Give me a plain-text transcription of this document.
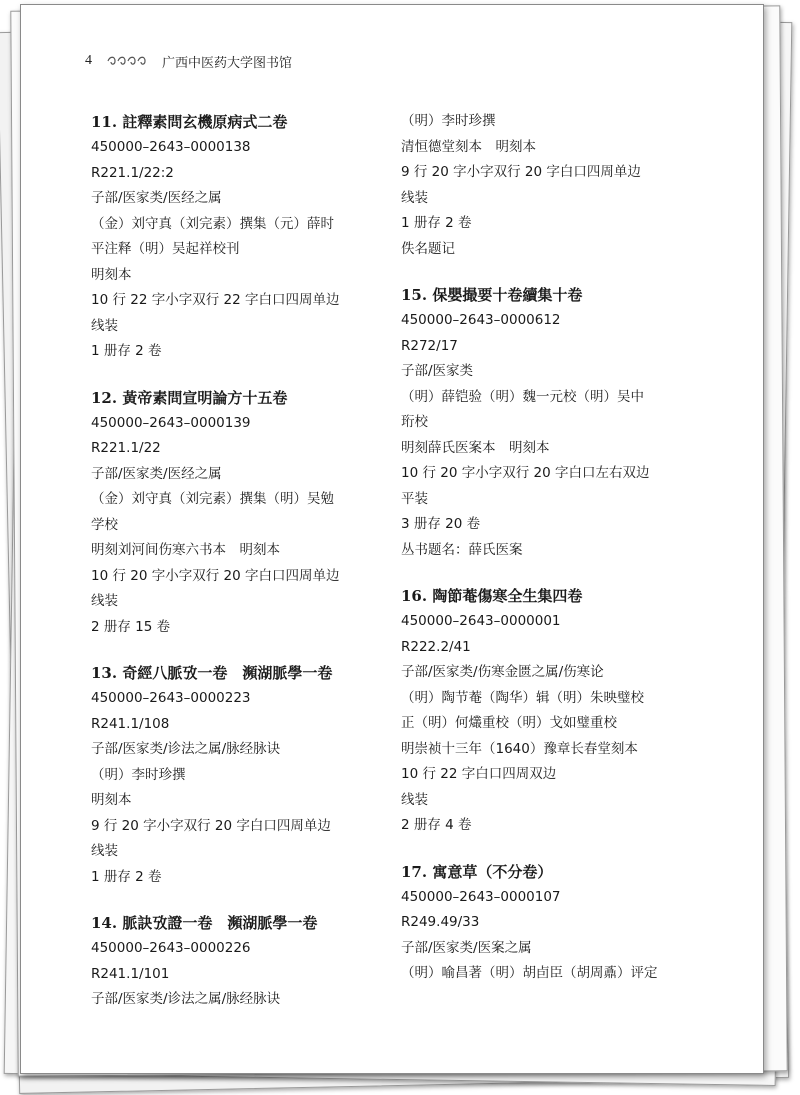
4	广西中医药大学图书馆
11. 註釋素問玄機原病式二卷
450000–2643–0000138
R221.1/22:2
子部/医家类/医经之属
（金）刘守真（刘完素）撰集（元）薛时
平注释（明）吴起祥校刊
明刻本
10 行 22 字小字双行 22 字白口四周单边
线装
1 册存 2 卷
12. 黃帝素問宣明論方十五卷
450000–2643–0000139
R221.1/22
子部/医家类/医经之属
（金）刘守真（刘完素）撰集（明）吴勉
学校
明刻刘河间伤寒六书本　明刻本
10 行 20 字小字双行 20 字白口四周单边
线装
2 册存 15 卷
13. 奇經八脈攷一卷　瀕湖脈學一卷
450000–2643–0000223
R241.1/108
子部/医家类/诊法之属/脉经脉诀
（明）李时珍撰
明刻本
9 行 20 字小字双行 20 字白口四周单边
线装
1 册存 2 卷
14. 脈訣攷證一卷　瀕湖脈學一卷
450000–2643–0000226
R241.1/101
子部/医家类/诊法之属/脉经脉诀
（明）李时珍撰
清恒德堂刻本　明刻本
9 行 20 字小字双行 20 字白口四周单边
线装
1 册存 2 卷
佚名题记
15. 保嬰撮要十卷續集十卷
450000–2643–0000612
R272/17
子部/医家类
（明）薛铠验（明）魏一元校（明）吴中
珩校
明刻薛氏医案本　明刻本
10 行 20 字小字双行 20 字白口左右双边
平装
3 册存 20 卷
丛书题名：薛氏医案
16. 陶節菴傷寒全生集四卷
450000–2643–0000001
R222.2/41
子部/医家类/伤寒金匮之属/伤寒论
（明）陶节菴（陶华）辑（明）朱映璧校
正（明）何爜重校（明）戈如璧重校
明崇祯十三年（1640）豫章长春堂刻本
10 行 22 字白口四周双边
线装
2 册存 4 卷
17. 寓意草（不分卷）
450000–2643–0000107
R249.49/33
子部/医家类/医案之属
（明）喻昌著（明）胡卣臣（胡周鼒）评定
